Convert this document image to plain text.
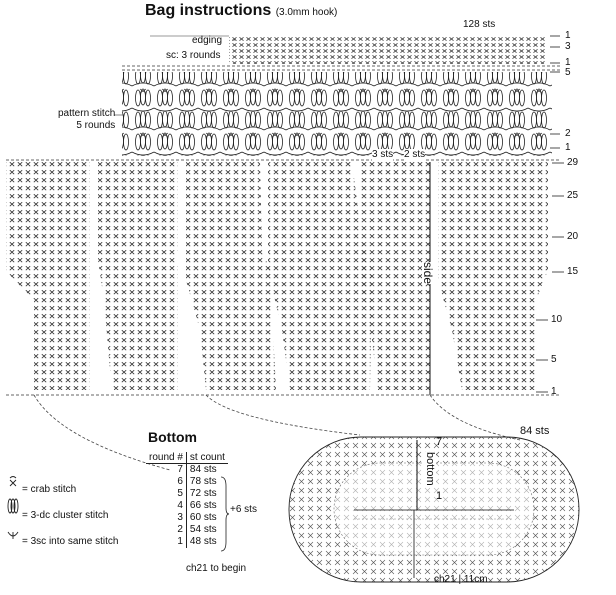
Bag instructions (3.0mm hook)
edging
sc: 3 rounds
pattern stitch
5 rounds
128 sts
3 sts 2 sts
side
1
3
1
5
2
1
29
25
20
15
10
5
1
84 sts
7
1
bottom
ch21 | 11cm
Bottom
round #	st count
7	84 sts
6	78 sts
5	72 sts
4	66 sts
3	60 sts
2	54 sts
1	48 sts
+6 sts
ch21 to begin
= crab stitch
= 3-dc cluster stitch
= 3sc into same stitch
